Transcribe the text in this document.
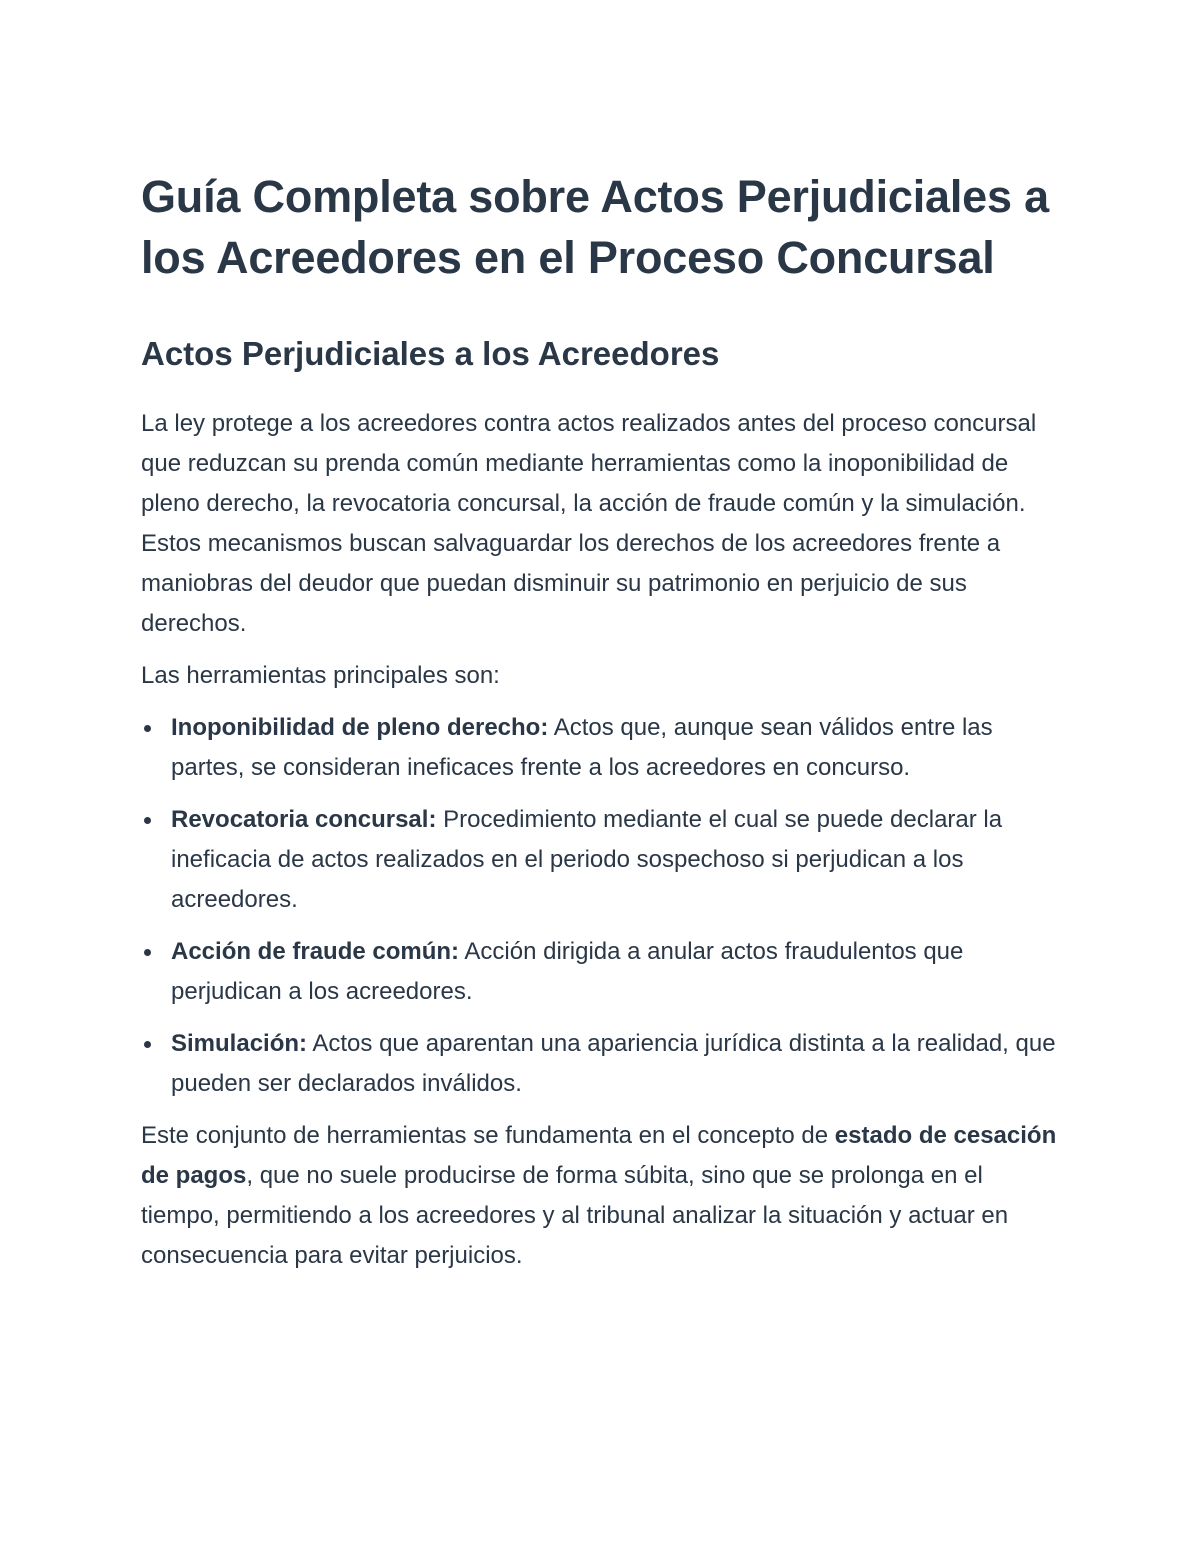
Guía Completa sobre Actos Perjudiciales a los Acreedores en el Proceso Concursal
Actos Perjudiciales a los Acreedores

La ley protege a los acreedores contra actos realizados antes del proceso concursal que reduzcan su prenda común mediante herramientas como la inoponibilidad de pleno derecho, la revocatoria concursal, la acción de fraude común y la simulación. Estos mecanismos buscan salvaguardar los derechos de los acreedores frente a maniobras del deudor que puedan disminuir su patrimonio en perjuicio de sus derechos.

Las herramientas principales son:

Inoponibilidad de pleno derecho: Actos que, aunque sean válidos entre las partes, se consideran ineficaces frente a los acreedores en concurso.
Revocatoria concursal: Procedimiento mediante el cual se puede declarar la ineficacia de actos realizados en el periodo sospechoso si perjudican a los acreedores.
Acción de fraude común: Acción dirigida a anular actos fraudulentos que perjudican a los acreedores.
Simulación: Actos que aparentan una apariencia jurídica distinta a la realidad, que pueden ser declarados inválidos.

Este conjunto de herramientas se fundamenta en el concepto de estado de cesación de pagos, que no suele producirse de forma súbita, sino que se prolonga en el tiempo, permitiendo a los acreedores y al tribunal analizar la situación y actuar en consecuencia para evitar perjuicios.
